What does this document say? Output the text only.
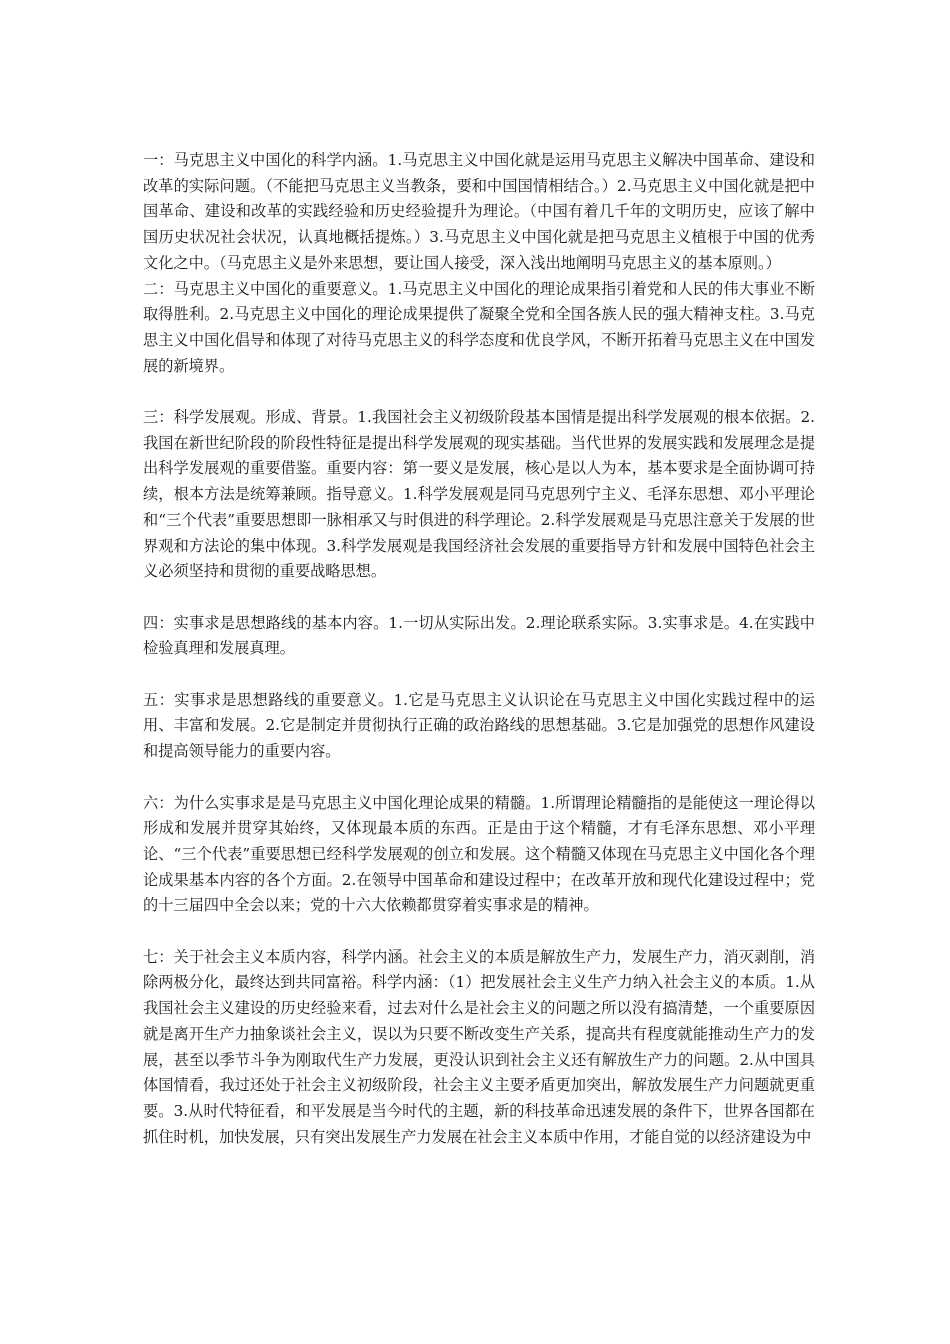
一：马克思主义中国化的科学内涵。1.马克思主义中国化就是运用马克思主义解决中国革命、建设和改革的实际问题。（不能把马克思主义当教条，要和中国国情相结合。）2.马克思主义中国化就是把中国革命、建设和改革的实践经验和历史经验提升为理论。（中国有着几千年的文明历史，应该了解中国历史状况社会状况，认真地概括提炼。）3.马克思主义中国化就是把马克思主义植根于中国的优秀文化之中。（马克思主义是外来思想，要让国人接受，深入浅出地阐明马克思主义的基本原则。）

二：马克思主义中国化的重要意义。1.马克思主义中国化的理论成果指引着党和人民的伟大事业不断取得胜利。2.马克思主义中国化的理论成果提供了凝聚全党和全国各族人民的强大精神支柱。3.马克思主义中国化倡导和体现了对待马克思主义的科学态度和优良学风，不断开拓着马克思主义在中国发展的新境界。

三：科学发展观。形成、背景。1.我国社会主义初级阶段基本国情是提出科学发展观的根本依据。2.我国在新世纪阶段的阶段性特征是提出科学发展观的现实基础。当代世界的发展实践和发展理念是提出科学发展观的重要借鉴。重要内容：第一要义是发展，核心是以人为本，基本要求是全面协调可持续，根本方法是统筹兼顾。指导意义。1.科学发展观是同马克思列宁主义、毛泽东思想、邓小平理论和“三个代表”重要思想即一脉相承又与时俱进的科学理论。2.科学发展观是马克思注意关于发展的世界观和方法论的集中体现。3.科学发展观是我国经济社会发展的重要指导方针和发展中国特色社会主义必须坚持和贯彻的重要战略思想。

四：实事求是思想路线的基本内容。1.一切从实际出发。2.理论联系实际。3.实事求是。4.在实践中检验真理和发展真理。

五：实事求是思想路线的重要意义。1.它是马克思主义认识论在马克思主义中国化实践过程中的运用、丰富和发展。2.它是制定并贯彻执行正确的政治路线的思想基础。3.它是加强党的思想作风建设和提高领导能力的重要内容。

六：为什么实事求是是马克思主义中国化理论成果的精髓。1.所谓理论精髓指的是能使这一理论得以形成和发展并贯穿其始终，又体现最本质的东西。正是由于这个精髓，才有毛泽东思想、邓小平理论、“三个代表”重要思想已经科学发展观的创立和发展。这个精髓又体现在马克思主义中国化各个理论成果基本内容的各个方面。2.在领导中国革命和建设过程中；在改革开放和现代化建设过程中；党的十三届四中全会以来；党的十六大依赖都贯穿着实事求是的精神。

七：关于社会主义本质内容，科学内涵。社会主义的本质是解放生产力，发展生产力，消灭剥削，消除两极分化，最终达到共同富裕。科学内涵：（1）把发展社会主义生产力纳入社会主义的本质。1.从我国社会主义建设的历史经验来看，过去对什么是社会主义的问题之所以没有搞清楚，一个重要原因就是离开生产力抽象谈社会主义，误以为只要不断改变生产关系，提高共有程度就能推动生产力的发展，甚至以季节斗争为刚取代生产力发展，更没认识到社会主义还有解放生产力的问题。2.从中国具体国情看，我过还处于社会主义初级阶段，社会主义主要矛盾更加突出，解放发展生产力问题就更重要。3.从时代特征看，和平发展是当今时代的主题，新的科技革命迅速发展的条件下，世界各国都在抓住时机，加快发展，只有突出发展生产力发展在社会主义本质中作用，才能自觉的以经济建设为中
